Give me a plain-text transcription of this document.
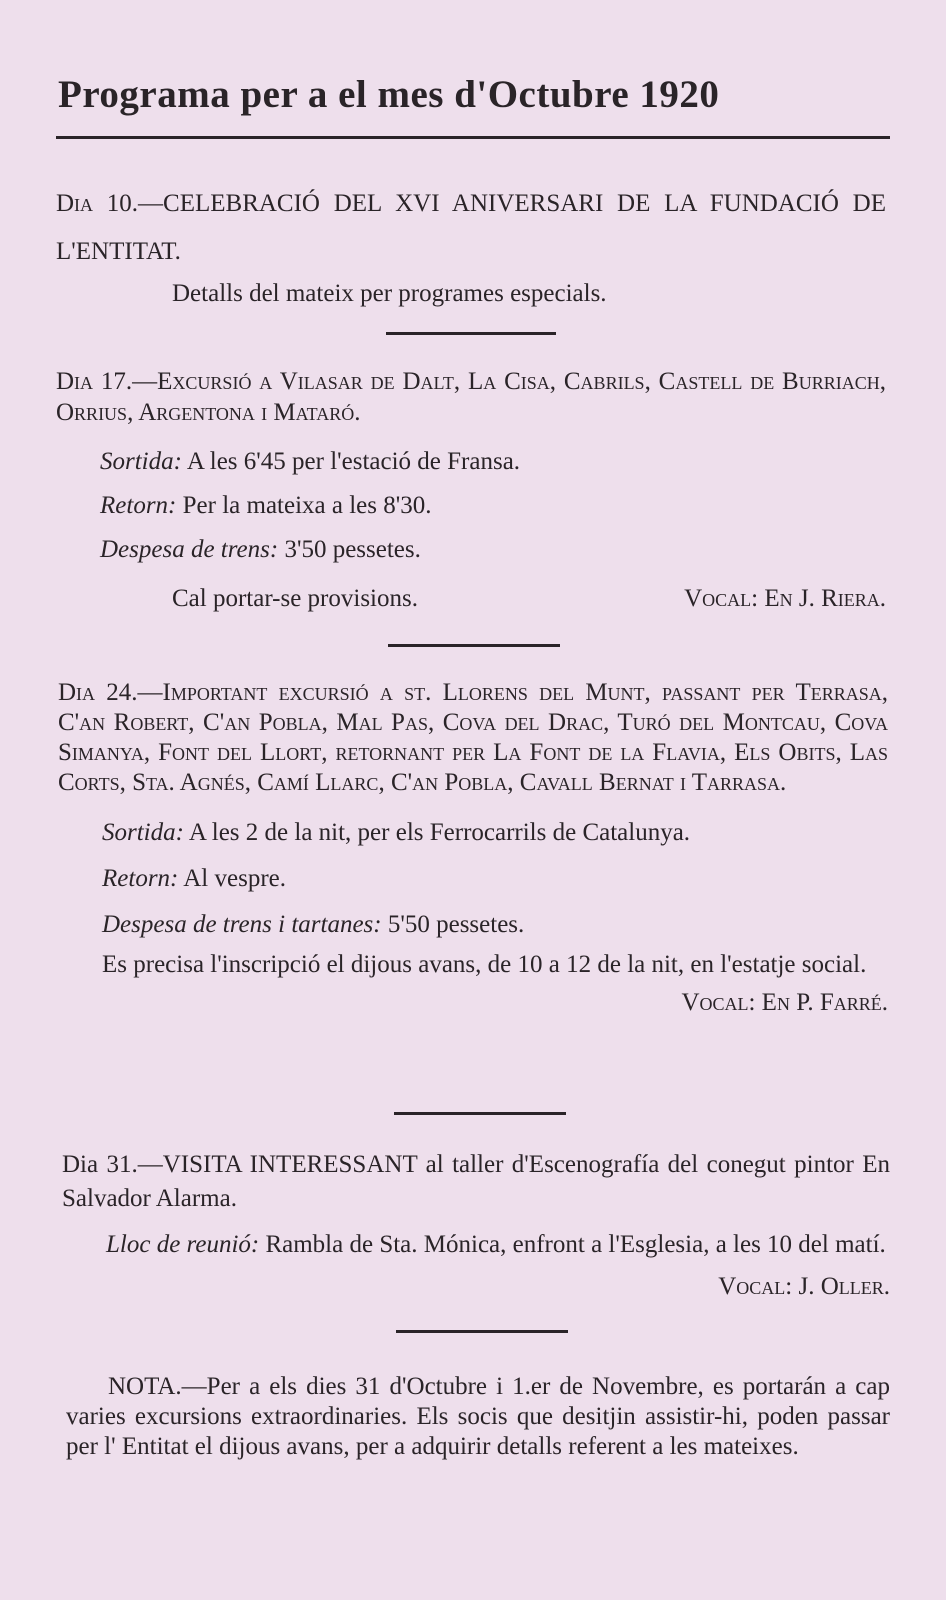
Programa per a el mes d'Octubre 1920

Dia 10.—CELEBRACIÓ DEL XVI ANIVERSARI DE LA FUNDACIÓ DE L'ENTITAT.

Detalls del mateix per programes especials.

Dia 17.—Excursió a Vilasar de Dalt, La Cisa, Cabrils, Castell de Burriach, Orrius, Argentona i Mataró.

Sortida: A les 6'45 per l'estació de Fransa.

Retorn: Per la mateixa a les 8'30.

Despesa de trens: 3'50 pessetes.

Cal portar-se provisions.	Vocal: En J. Riera.

Dia 24.—Important excursió a st. Llorens del Munt, passant per Terrasa, C'an Robert, C'an Pobla, Mal Pas, Cova del Drac, Turó del Montcau, Cova Simanya, Font del Llort, retornant per La Font de la Flavia, Els Obits, Las Corts, Sta. Agnés, Camí Llarc, C'an Pobla, Cavall Bernat i Tarrasa.

Sortida: A les 2 de la nit, per els Ferrocarrils de Catalunya.

Retorn: Al vespre.

Despesa de trens i tartanes: 5'50 pessetes.

Es precisa l'inscripció el dijous avans, de 10 a 12 de la nit, en l'estatje social.

Vocal: En P. Farré.

Dia 31.—VISITA INTERESSANT al taller d'Escenografía del conegut pintor En Salvador Alarma.

Lloc de reunió: Rambla de Sta. Mónica, enfront a l'Esglesia, a les 10 del matí.

Vocal: J. Oller.

NOTA.—Per a els dies 31 d'Octubre i 1.er de Novembre, es portarán a cap varies excursions extraordinaries. Els socis que desitjin assistir-hi, poden passar per l' Entitat el dijous avans, per a adquirir detalls referent a les mateixes.
